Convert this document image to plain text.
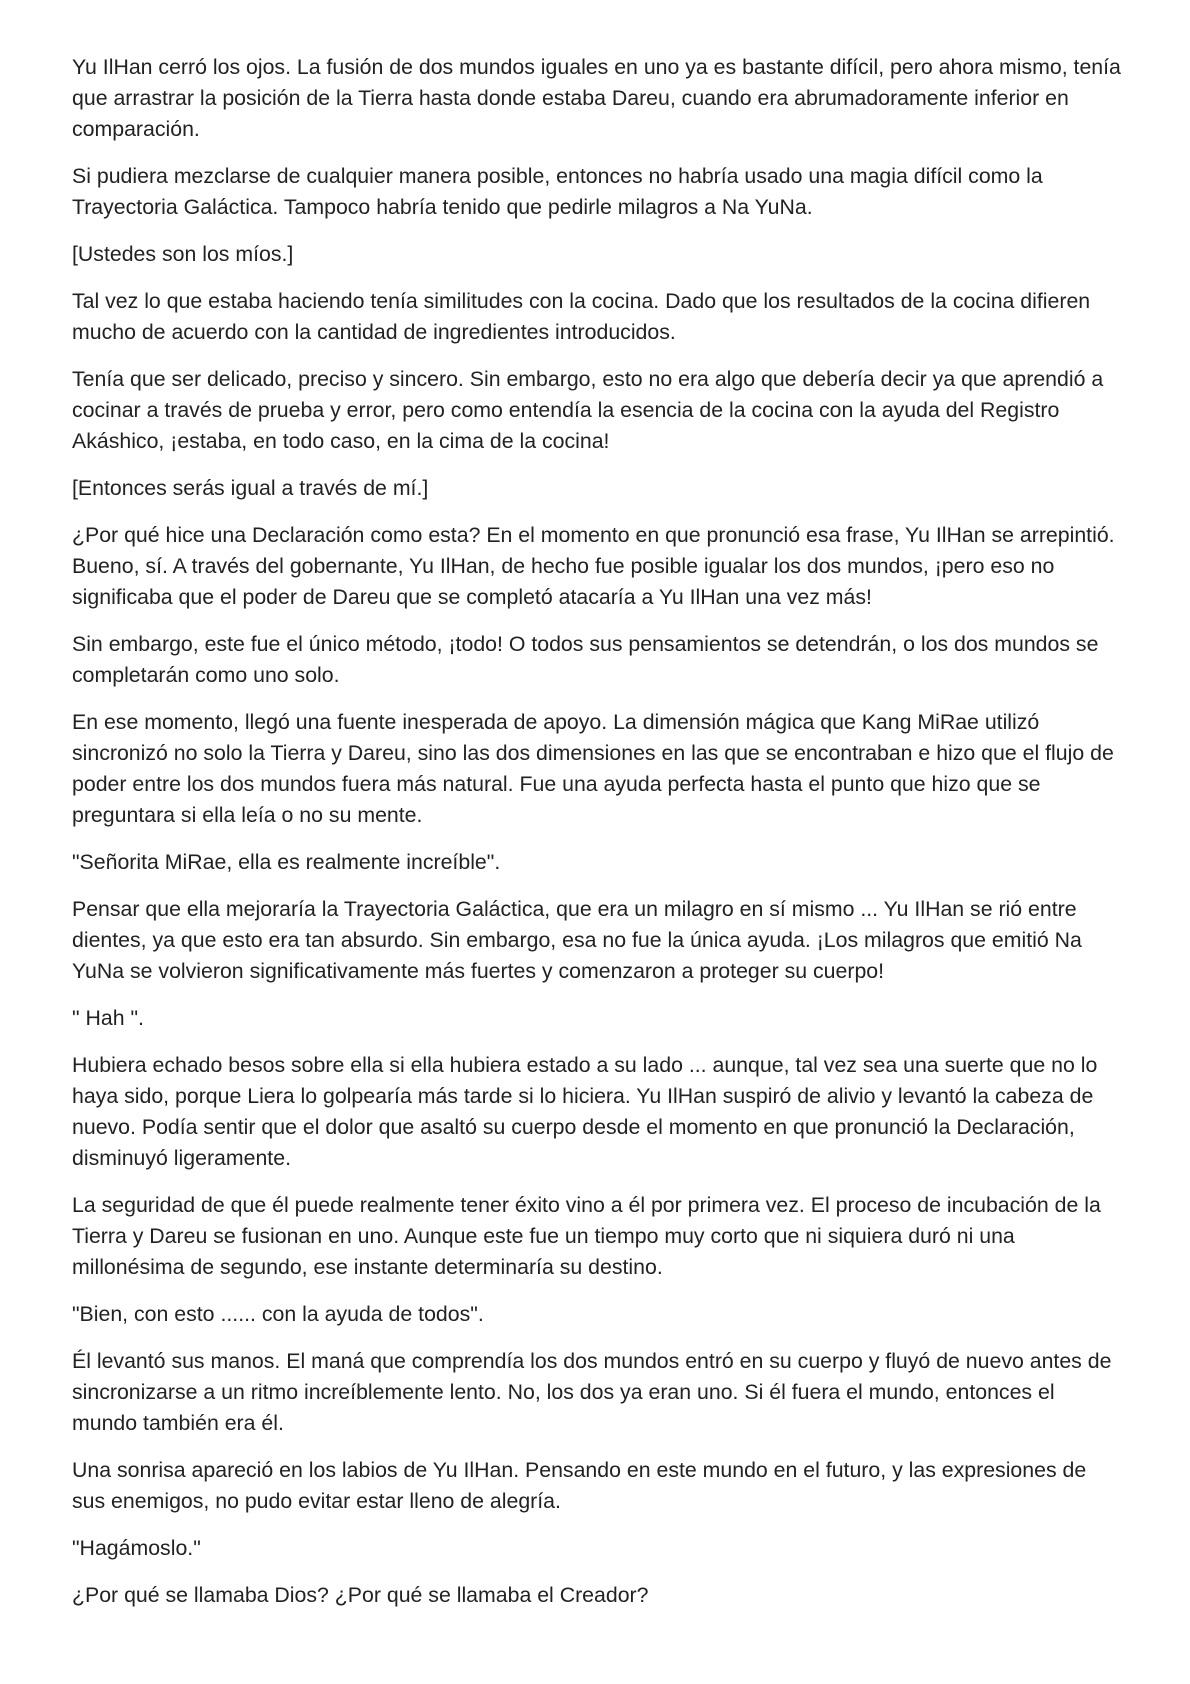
Yu IlHan cerró los ojos. La fusión de dos mundos iguales en uno ya es bastante difícil, pero ahora mismo, tenía que arrastrar la posición de la Tierra hasta donde estaba Dareu, cuando era abrumadoramente inferior en comparación.

Si pudiera mezclarse de cualquier manera posible, entonces no habría usado una magia difícil como la Trayectoria Galáctica. Tampoco habría tenido que pedirle milagros a Na YuNa.

[Ustedes son los míos.]

Tal vez lo que estaba haciendo tenía similitudes con la cocina. Dado que los resultados de la cocina difieren mucho de acuerdo con la cantidad de ingredientes introducidos.

Tenía que ser delicado, preciso y sincero. Sin embargo, esto no era algo que debería decir ya que aprendió a cocinar a través de prueba y error, pero como entendía la esencia de la cocina con la ayuda del Registro Akáshico, ¡estaba, en todo caso, en la cima de la cocina!

[Entonces serás igual a través de mí.]

¿Por qué hice una Declaración como esta? En el momento en que pronunció esa frase, Yu IlHan se arrepintió. Bueno, sí. A través del gobernante, Yu IlHan, de hecho fue posible igualar los dos mundos, ¡pero eso no significaba que el poder de Dareu que se completó atacaría a Yu IlHan una vez más!

Sin embargo, este fue el único método, ¡todo! O todos sus pensamientos se detendrán, o los dos mundos se completarán como uno solo.

En ese momento, llegó una fuente inesperada de apoyo. La dimensión mágica que Kang MiRae utilizó sincronizó no solo la Tierra y Dareu, sino las dos dimensiones en las que se encontraban e hizo que el flujo de poder entre los dos mundos fuera más natural. Fue una ayuda perfecta hasta el punto que hizo que se preguntara si ella leía o no su mente.

"Señorita MiRae, ella es realmente increíble".

Pensar que ella mejoraría la Trayectoria Galáctica, que era un milagro en sí mismo ... Yu IlHan se rió entre dientes, ya que esto era tan absurdo. Sin embargo, esa no fue la única ayuda. ¡Los milagros que emitió Na YuNa se volvieron significativamente más fuertes y comenzaron a proteger su cuerpo!

" Hah ".

Hubiera echado besos sobre ella si ella hubiera estado a su lado ... aunque, tal vez sea una suerte que no lo haya sido, porque Liera lo golpearía más tarde si lo hiciera. Yu IlHan suspiró de alivio y levantó la cabeza de nuevo. Podía sentir que el dolor que asaltó su cuerpo desde el momento en que pronunció la Declaración, disminuyó ligeramente.

La seguridad de que él puede realmente tener éxito vino a él por primera vez. El proceso de incubación de la Tierra y Dareu se fusionan en uno. Aunque este fue un tiempo muy corto que ni siquiera duró ni una millonésima de segundo, ese instante determinaría su destino.

"Bien, con esto ...... con la ayuda de todos".

Él levantó sus manos. El maná que comprendía los dos mundos entró en su cuerpo y fluyó de nuevo antes de sincronizarse a un ritmo increíblemente lento. No, los dos ya eran uno. Si él fuera el mundo, entonces el mundo también era él.

Una sonrisa apareció en los labios de Yu IlHan. Pensando en este mundo en el futuro, y las expresiones de sus enemigos, no pudo evitar estar lleno de alegría.

"Hagámoslo."

¿Por qué se llamaba Dios? ¿Por qué se llamaba el Creador?
